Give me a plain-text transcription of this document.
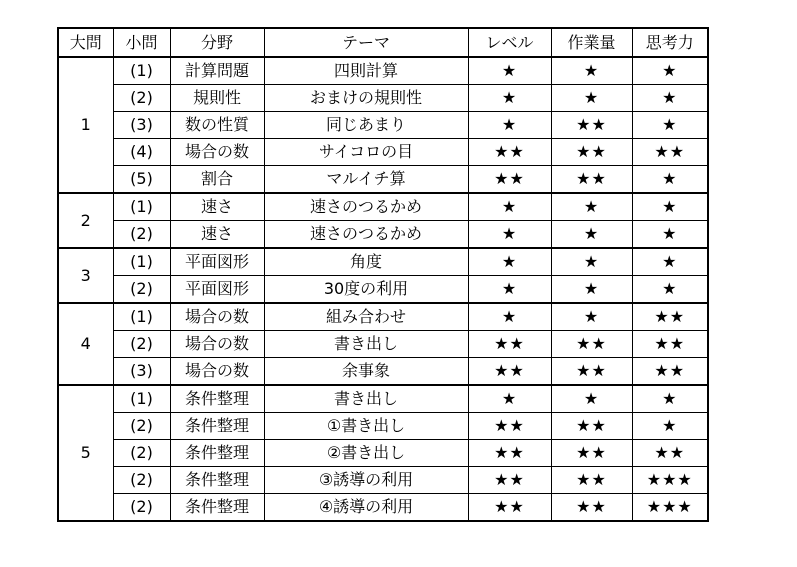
大問	小問	分野	テーマ	レベル	作業量	思考力
1	(1)	計算問題	四則計算	★	★	★
	(2)	規則性	おまけの規則性	★	★	★
	(3)	数の性質	同じあまり	★	★★	★
	(4)	場合の数	サイコロの目	★★	★★	★★
	(5)	割合	マルイチ算	★★	★★	★
2	(1)	速さ	速さのつるかめ	★	★	★
	(2)	速さ	速さのつるかめ	★	★	★
3	(1)	平面図形	角度	★	★	★
	(2)	平面図形	30度の利用	★	★	★
4	(1)	場合の数	組み合わせ	★	★	★★
	(2)	場合の数	書き出し	★★	★★	★★
	(3)	場合の数	余事象	★★	★★	★★
5	(1)	条件整理	書き出し	★	★	★
	(2)	条件整理	①書き出し	★★	★★	★
	(2)	条件整理	②書き出し	★★	★★	★★
	(2)	条件整理	③誘導の利用	★★	★★	★★★
	(2)	条件整理	④誘導の利用	★★	★★	★★★
